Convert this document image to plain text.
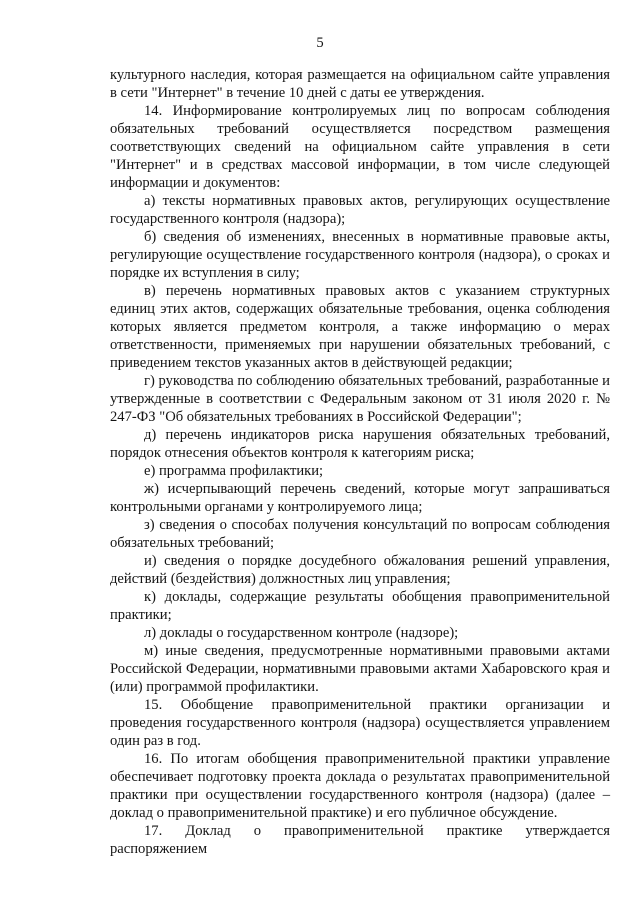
5

культурного наследия, которая размещается на официальном сайте управления в сети "Интернет" в течение 10 дней с даты ее утверждения.

14. Информирование контролируемых лиц по вопросам соблюдения обязательных требований осуществляется посредством размещения соответствующих сведений на официальном сайте управления в сети "Интернет" и в средствах массовой информации, в том числе следующей информации и документов:

а) тексты нормативных правовых актов, регулирующих осуществление государственного контроля (надзора);

б) сведения об изменениях, внесенных в нормативные правовые акты, регулирующие осуществление государственного контроля (надзора), о сроках и порядке их вступления в силу;

в) перечень нормативных правовых актов с указанием структурных единиц этих актов, содержащих обязательные требования, оценка соблюдения которых является предметом контроля, а также информацию о мерах ответственности, применяемых при нарушении обязательных требований, с приведением текстов указанных актов в действующей редакции;

г) руководства по соблюдению обязательных требований, разработанные и утвержденные в соответствии с Федеральным законом от 31 июля 2020 г. № 247-ФЗ "Об обязательных требованиях в Российской Федерации";

д) перечень индикаторов риска нарушения обязательных требований, порядок отнесения объектов контроля к категориям риска;

е) программа профилактики;

ж) исчерпывающий перечень сведений, которые могут запрашиваться контрольными органами у контролируемого лица;

з) сведения о способах получения консультаций по вопросам соблюдения обязательных требований;

и) сведения о порядке досудебного обжалования решений управления, действий (бездействия) должностных лиц управления;

к) доклады, содержащие результаты обобщения правоприменительной практики;

л) доклады о государственном контроле (надзоре);

м) иные сведения, предусмотренные нормативными правовыми актами Российской Федерации, нормативными правовыми актами Хабаровского края и (или) программой профилактики.

15. Обобщение правоприменительной практики организации и проведения государственного контроля (надзора) осуществляется управлением один раз в год.

16. По итогам обобщения правоприменительной практики управление обеспечивает подготовку проекта доклада о результатах правоприменительной практики при осуществлении государственного контроля (надзора) (далее – доклад о правоприменительной практике) и его публичное обсуждение.

17. Доклад о правоприменительной практике утверждается распоряжением
